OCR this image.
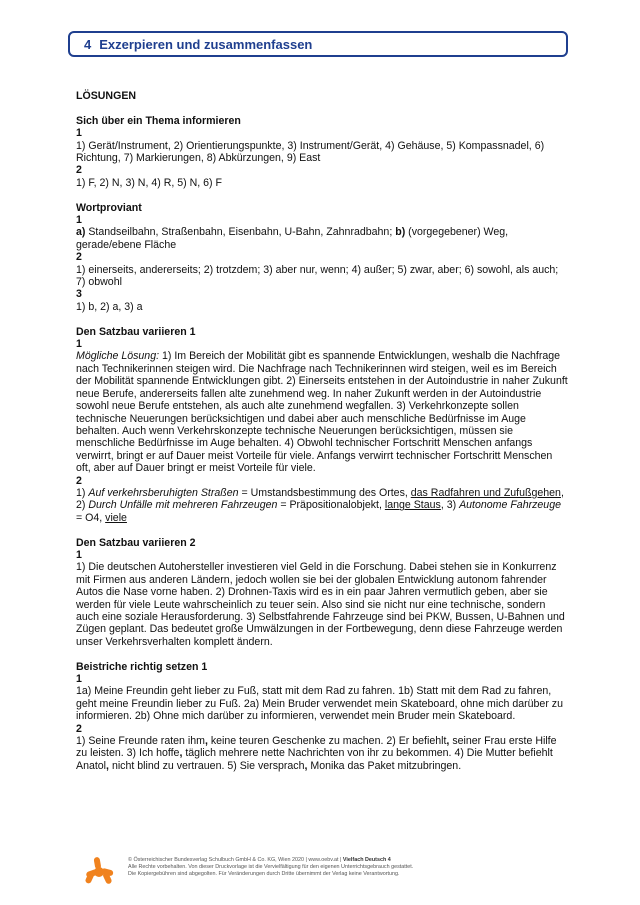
4 Exzerpieren und zusammenfassen

LÖSUNGEN

Sich über ein Thema informieren

1

1) Gerät/Instrument, 2) Orientierungspunkte, 3) Instrument/Gerät, 4) Gehäuse, 5) Kompassnadel, 6) Richtung, 7) Markierungen, 8) Abkürzungen, 9) East

2

1) F, 2) N, 3) N, 4) R, 5) N, 6) F

Wortproviant

1

a) Standseilbahn, Straßenbahn, Eisenbahn, U-Bahn, Zahnradbahn; b) (vorgegebener) Weg, gerade/ebene Fläche

2

1) einerseits, andererseits; 2) trotzdem; 3) aber nur, wenn; 4) außer; 5) zwar, aber; 6) sowohl, als auch; 7) obwohl

3

1) b, 2) a, 3) a

Den Satzbau variieren 1

1

Mögliche Lösung: 1) Im Bereich der Mobilität gibt es spannende Entwicklungen, weshalb die Nachfrage nach Technikerinnen steigen wird. Die Nachfrage nach Technikerinnen wird steigen, weil es im Bereich der Mobilität spannende Entwicklungen gibt. 2) Einerseits entstehen in der Autoindustrie in naher Zukunft neue Berufe, andererseits fallen alte zunehmend weg. In naher Zukunft werden in der Autoindustrie sowohl neue Berufe entstehen, als auch alte zunehmend wegfallen. 3) Verkehrkonzepte sollen technische Neuerungen berücksichtigen und dabei aber auch menschliche Bedürfnisse im Auge behalten. Auch wenn Verkehrskonzepte technische Neuerungen berücksichtigen, müssen sie menschliche Bedürfnisse im Auge behalten. 4) Obwohl technischer Fortschritt Menschen anfangs verwirrt, bringt er auf Dauer meist Vorteile für viele. Anfangs verwirrt technischer Fortschritt Menschen oft, aber auf Dauer bringt er meist Vorteile für viele.

2

1) Auf verkehrsberuhigten Straßen = Umstandsbestimmung des Ortes, das Radfahren und Zufußgehen, 2) Durch Unfälle mit mehreren Fahrzeugen = Präpositionalobjekt, lange Staus, 3) Autonome Fahrzeuge = O4, viele

Den Satzbau variieren 2

1

1) Die deutschen Autohersteller investieren viel Geld in die Forschung. Dabei stehen sie in Konkurrenz mit Firmen aus anderen Ländern, jedoch wollen sie bei der globalen Entwicklung autonom fahrender Autos die Nase vorne haben. 2) Drohnen-Taxis wird es in ein paar Jahren vermutlich geben, aber sie werden für viele Leute wahrscheinlich zu teuer sein. Also sind sie nicht nur eine technische, sondern auch eine soziale Herausforderung. 3) Selbstfahrende Fahrzeuge sind bei PKW, Bussen, U-Bahnen und Zügen geplant. Das bedeutet große Umwälzungen in der Fortbewegung, denn diese Fahrzeuge werden unser Verkehrsverhalten komplett ändern.

Beistriche richtig setzen 1

1

1a) Meine Freundin geht lieber zu Fuß, statt mit dem Rad zu fahren. 1b) Statt mit dem Rad zu fahren, geht meine Freundin lieber zu Fuß. 2a) Mein Bruder verwendet mein Skateboard, ohne mich darüber zu informieren. 2b) Ohne mich darüber zu informieren, verwendet mein Bruder mein Skateboard.

2

1) Seine Freunde raten ihm, keine teuren Geschenke zu machen. 2) Er befiehlt, seiner Frau erste Hilfe zu leisten. 3) Ich hoffe, täglich mehrere nette Nachrichten von ihr zu bekommen. 4) Die Mutter befiehlt Anatol, nicht blind zu vertrauen. 5) Sie versprach, Monika das Paket mitzubringen.

© Österreichischer Bundesverlag Schulbuch GmbH & Co. KG, Wien 2020 | www.oebv.at | Vielfach Deutsch 4
Alle Rechte vorbehalten. Von dieser Druckvorlage ist die Vervielfältigung für den eigenen Unterrichtsgebrauch gestattet.
Die Kopiergebühren sind abgegolten. Für Veränderungen durch Dritte übernimmt der Verlag keine Verantwortung.
